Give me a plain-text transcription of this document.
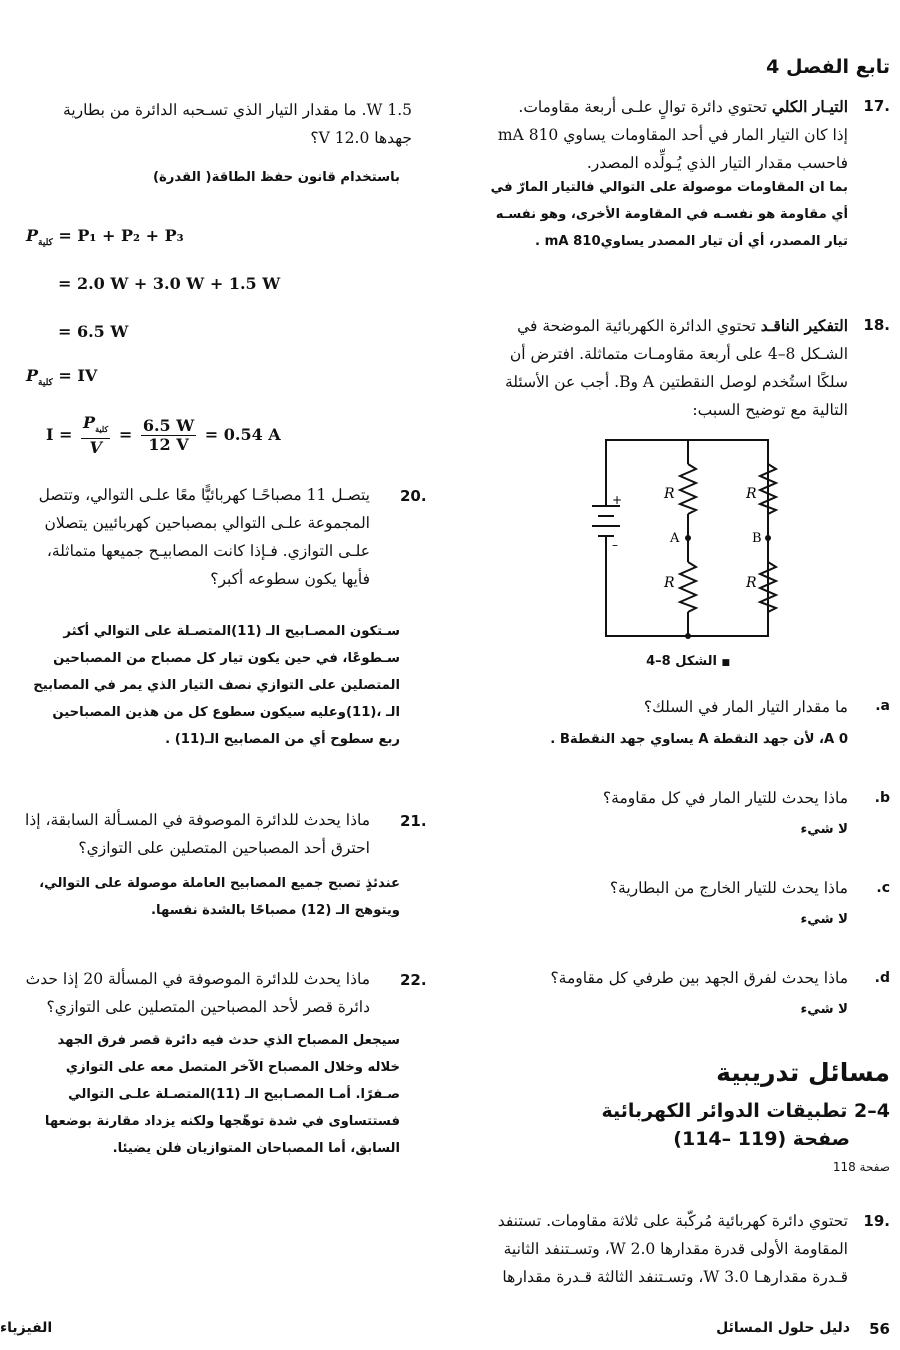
تابع الفصل 4
.17
التيـار الكلي تحتوي دائرة توالٍ علـى أربعة مقاومات.
إذا كان التيار المار في أحد المقاومات يساوي 810 mA
فاحسب مقدار التيار الذي يُـولِّده المصدر.
بما ان المقاومات موصولة على التوالي فالتيار المارّ في
أي مقاومة هو نفسـه في المقاومة الأخرى، وهو نفسـه
تيار المصدر، أي أن تيار المصدر يساويmA 810 .
.18
التفكير الناقـد تحتوي الدائرة الكهربائية الموضحة في
الشـكل 8–4 على أربعة مقاومـات متماثلة. افترض أن
سلكًا استُخدم لوصل النقطتين A وB. أجب عن الأسئلة
التالية مع توضيح السبب:
+
–
R	R
R	R
A	B
■ الشكل 8–4
a.
ما مقدار التيار المار في السلك؟
0 A، لأن جهد النقطة A يساوي جهد النقطةB .
b.
ماذا يحدث للتيار المار في كل مقاومة؟
لا شيء
c.
ماذا يحدث للتيار الخارج من البطارية؟
لا شيء
d.
ماذا يحدث لفرق الجهد بين طرفي كل مقاومة؟
لا شيء
مسائل تدريبية
4–2 تطبيقات الدوائر الكهربائية
صفحة (119 –114)
صفحة 118
.19
تحتوي دائرة كهربائية مُركّبة على ثلاثة مقاومات. تستنفد
المقاومة الأولى قدرة مقدارها 2.0 W، وتسـتنفد الثانية
قـدرة مقدارهـا 3.0 W، وتسـتنفد الثالثة قـدرة مقدارها
1.5 W. ما مقدار التيار الذي تسـحبه الدائرة من بطارية
جهدها 12.0 V؟
باستخدام قانون حفظ الطاقة( القدرة)
$P_{كلية} = P_1 + P_2 + P_3$
= 2.0 W + 3.0 W + 1.5 W
= 6.5 W
$P_{كلية}$ = IV
$I = \frac{P_{كلية}}{V} = \frac{6.5 W}{12 V} = 0.54$ A
.20
يتصـل 11 مصباحًـا كهربائيًّا معًا علـى التوالي، وتتصل
المجموعة علـى التوالي بمصباحين كهربائيين يتصلان
علـى التوازي. فـإذا كانت المصابيـح جميعها متماثلة،
فأيها يكون سطوعه أكبر؟
سـتكون المصـابيح الـ (11)المتصـلة على التوالي أكثر
سـطوعًا، في حين يكون تيار كل مصباح من المصباحين
المتصلين على التوازي نصف التيار الذي يمر في المصابيح
الـ ،(11)وعليه سيكون سطوع كل من هذين المصباحين
ربع سطوح أي من المصابيح الـ(11) .
.21
ماذا يحدث للدائرة الموصوفة في المسـألة السابقة، إذا
احترق أحد المصباحين المتصلين على التوازي؟
عندئذٍ تصبح جميع المصابيح العاملة موصولة على التوالي،
ويتوهج الـ (12) مصباحًا بالشدة نفسها.
.22
ماذا يحدث للدائرة الموصوفة في المسألة 20 إذا حدث
دائرة قصر لأحد المصباحين المتصلين على التوازي؟
سيجعل المصباح الذي حدث فيه دائرة قصر فرق الجهد
خلاله وخلال المصباح الآخر المتصل معه على التوازي
صـفرًا. أمـا المصـابيح الـ (11)المتصـلة علـى التوالي
فستتساوى في شدة توهّجها ولكنه يزداد مقارنة بوضعها
السابق، أما المصباحان المتوازيان فلن يضيئا.
56
دليل حلول المسائل
الفيزياء
